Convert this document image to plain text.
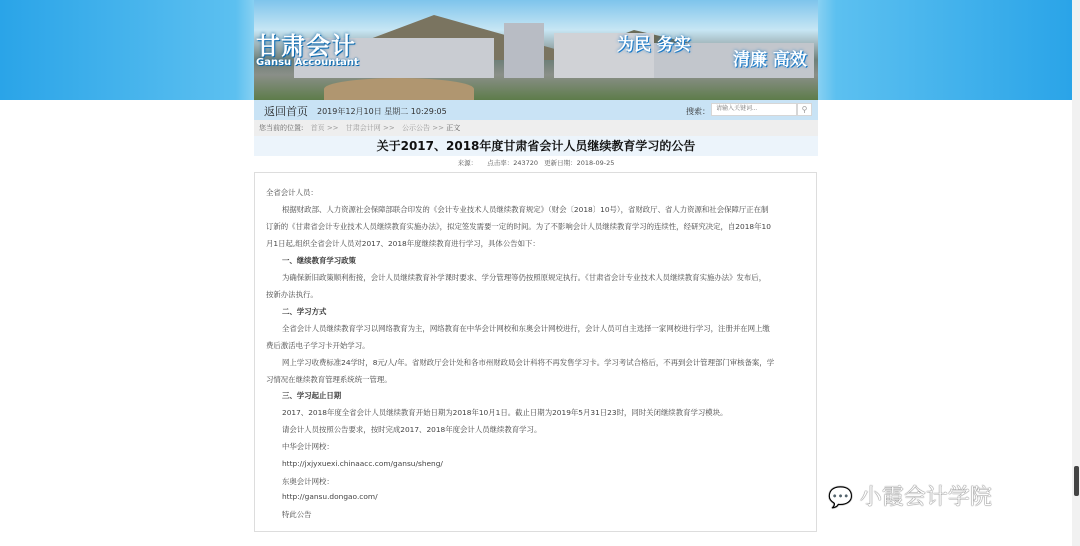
甘肃会计
Gansu Accountant
为民 务实
清廉 高效
返回首页 2019年12月10日 星期二 10:29:05	搜索：
请输入关键词...	⚲
您当前的位置: 首页 >> 甘肃会计网 >> 公示公告 >> 正文
关于2017、2018年度甘肃省会计人员继续教育学习的公告
来源： 点击率：243720 更新日期：2018-09-25

全省会计人员：

根据财政部、人力资源社会保障部联合印发的《会计专业技术人员继续教育规定》（财会〔2018〕10号），省财政厅、省人力资源和社会保障厅正在制

订新的《甘肃省会计专业技术人员继续教育实施办法》，拟定签发需要一定的时间。为了不影响会计人员继续教育学习的连续性，经研究决定，自2018年10

月1日起,组织全省会计人员对2017、2018年度继续教育进行学习，具体公告如下：

一、继续教育学习政策

为确保新旧政策顺利衔接，会计人员继续教育补学课时要求、学分管理等仍按照原规定执行。《甘肃省会计专业技术人员继续教育实施办法》发布后，

按新办法执行。

二、学习方式

全省会计人员继续教育学习以网络教育为主，网络教育在中华会计网校和东奥会计网校进行，会计人员可自主选择一家网校进行学习，注册并在网上缴

费后激活电子学习卡开始学习。

网上学习收费标准24学时，8元/人/年。省财政厅会计处和各市州财政局会计科将不再发售学习卡。学习考试合格后，不再到会计管理部门审核备案，学

习情况在继续教育管理系统统一管理。

三、学习起止日期

2017、2018年度全省会计人员继续教育开始日期为2018年10月1日。截止日期为2019年5月31日23时，同时关闭继续教育学习模块。

请会计人员按照公告要求，按时完成2017、2018年度会计人员继续教育学习。

中华会计网校：

http://jxjyxuexi.chinaacc.com/gansu/sheng/

东奥会计网校：

http://gansu.dongao.com/

特此公告

💬 小霞会计学院
